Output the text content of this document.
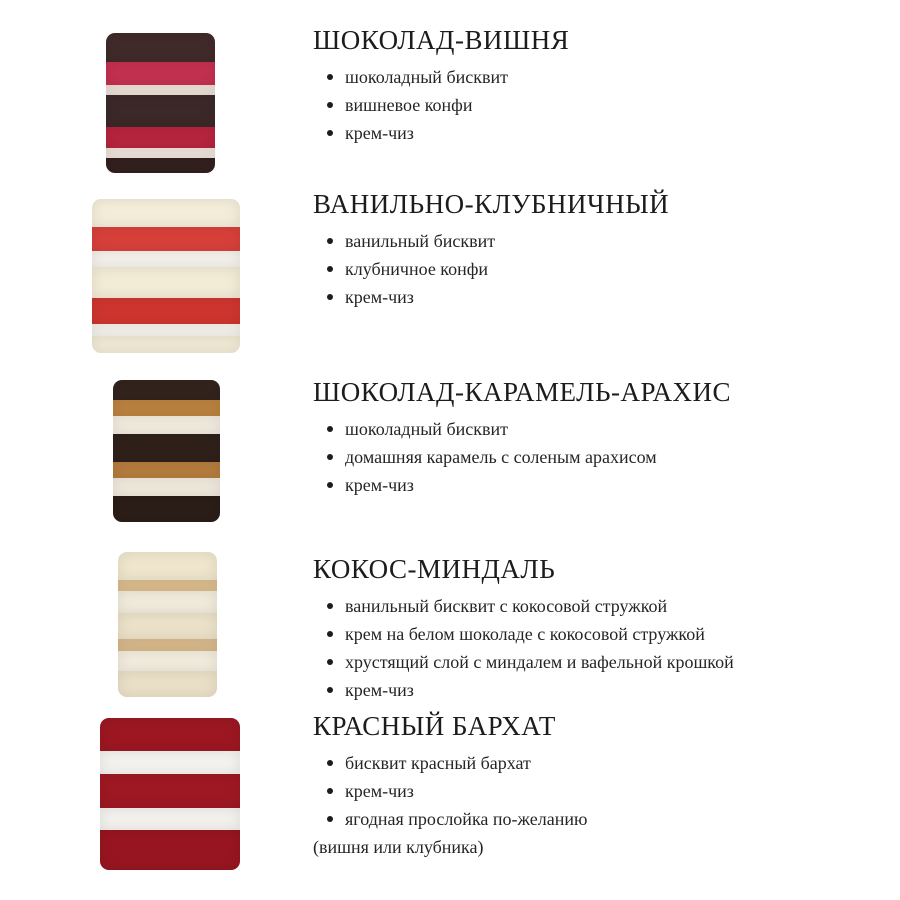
ШОКОЛАД-ВИШНЯ
шоколадный бисквит
вишневое конфи
крем-чиз
ВАНИЛЬНО-КЛУБНИЧНЫЙ
ванильный бисквит
клубничное конфи
крем-чиз
ШОКОЛАД-КАРАМЕЛЬ-АРАХИС
шоколадный бисквит
домашняя карамель с соленым арахисом
крем-чиз
КОКОС-МИНДАЛЬ
ванильный бисквит с кокосовой стружкой
крем на белом шоколаде с кокосовой стружкой
хрустящий слой с миндалем и вафельной крошкой
крем-чиз
КРАСНЫЙ БАРХАТ
бисквит красный бархат
крем-чиз
ягодная прослойка по-желанию
(вишня или клубника)
